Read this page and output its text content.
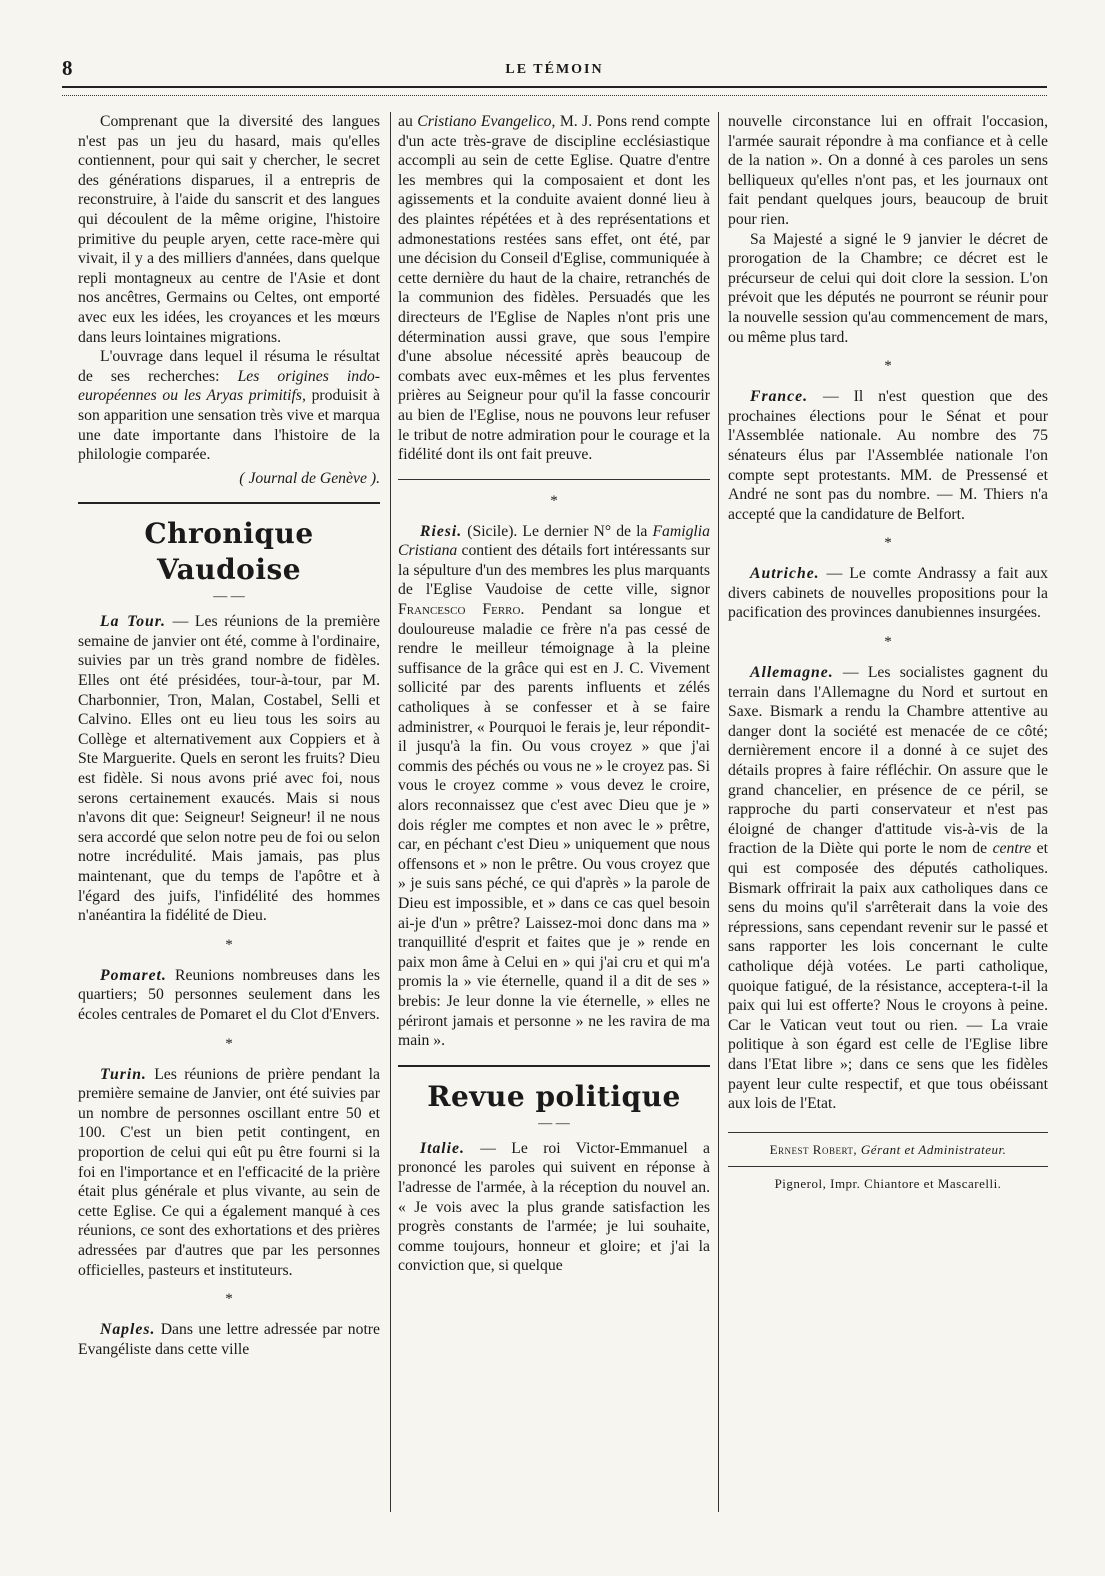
8	LE TÉMOIN

Comprenant que la diversité des langues n'est pas un jeu du hasard, mais qu'elles contiennent, pour qui sait y chercher, le secret des générations disparues, il a entrepris de reconstruire, à l'aide du sanscrit et des langues qui découlent de la même origine, l'histoire primitive du peuple aryen, cette race-mère qui vivait, il y a des milliers d'années, dans quelque repli montagneux au centre de l'Asie et dont nos ancêtres, Germains ou Celtes, ont emporté avec eux les idées, les croyances et les mœurs dans leurs lointaines migrations.

L'ouvrage dans lequel il résuma le résultat de ses recherches: Les origines indo-européennes ou les Aryas primitifs, produisit à son apparition une sensation très vive et marqua une date importante dans l'histoire de la philologie comparée.

( Journal de Genève ).
Chronique Vaudoise
— —

La Tour. — Les réunions de la première semaine de janvier ont été, comme à l'ordinaire, suivies par un très grand nombre de fidèles. Elles ont été présidées, tour-à-tour, par M. Charbonnier, Tron, Malan, Costabel, Selli et Calvino. Elles ont eu lieu tous les soirs au Collège et alternativement aux Coppiers et à Ste Marguerite. Quels en seront les fruits? Dieu est fidèle. Si nous avons prié avec foi, nous serons certainement exaucés. Mais si nous n'avons dit que: Seigneur! Seigneur! il ne nous sera accordé que selon notre peu de foi ou selon notre incrédulité. Mais jamais, pas plus maintenant, que du temps de l'apôtre et à l'égard des juifs, l'infidélité des hommes n'anéantira la fidélité de Dieu.

*

Pomaret. Reunions nombreuses dans les quartiers; 50 personnes seulement dans les écoles centrales de Pomaret el du Clot d'Envers.

*

Turin. Les réunions de prière pendant la première semaine de Janvier, ont été suivies par un nombre de personnes oscillant entre 50 et 100. C'est un bien petit contingent, en proportion de celui qui eût pu être fourni si la foi en l'importance et en l'efficacité de la prière était plus générale et plus vivante, au sein de cette Eglise. Ce qui a également manqué à ces réunions, ce sont des exhortations et des prières adressées par d'autres que par les personnes officielles, pasteurs et instituteurs.

*

Naples. Dans une lettre adressée par notre Evangéliste dans cette ville

au Cristiano Evangelico, M. J. Pons rend compte d'un acte très-grave de discipline ecclésiastique accompli au sein de cette Eglise. Quatre d'entre les membres qui la composaient et dont les agissements et la conduite avaient donné lieu à des plaintes répétées et à des représentations et admonestations restées sans effet, ont été, par une décision du Conseil d'Eglise, communiquée à cette dernière du haut de la chaire, retranchés de la communion des fidèles. Persuadés que les directeurs de l'Eglise de Naples n'ont pris une détermination aussi grave, que sous l'empire d'une absolue nécessité après beaucoup de combats avec eux-mêmes et les plus ferventes prières au Seigneur pour qu'il la fasse concourir au bien de l'Eglise, nous ne pouvons leur refuser le tribut de notre admiration pour le courage et la fidélité dont ils ont fait preuve.

*

Riesi. (Sicile). Le dernier N° de la Famiglia Cristiana contient des détails fort intéressants sur la sépulture d'un des membres les plus marquants de l'Eglise Vaudoise de cette ville, signor Francesco Ferro. Pendant sa longue et douloureuse maladie ce frère n'a pas cessé de rendre le meilleur témoignage à la pleine suffisance de la grâce qui est en J. C. Vivement sollicité par des parents influents et zélés catholiques à se confesser et à se faire administrer, « Pourquoi le ferais je, leur répondit-il jusqu'à la fin. Ou vous croyez » que j'ai commis des péchés ou vous ne » le croyez pas. Si vous le croyez comme » vous devez le croire, alors reconnaissez que c'est avec Dieu que je » dois régler me comptes et non avec le » prêtre, car, en péchant c'est Dieu » uniquement que nous offensons et » non le prêtre. Ou vous croyez que » je suis sans péché, ce qui d'après » la parole de Dieu est impossible, et » dans ce cas quel besoin ai-je d'un » prêtre? Laissez-moi donc dans ma » tranquillité d'esprit et faites que je » rende en paix mon âme à Celui en » qui j'ai cru et qui m'a promis la » vie éternelle, quand il a dit de ses » brebis: Je leur donne la vie éternelle, » elles ne périront jamais et personne » ne les ravira de ma main ».

Revue politique
— —

Italie. — Le roi Victor-Emmanuel a prononcé les paroles qui suivent en réponse à l'adresse de l'armée, à la réception du nouvel an. « Je vois avec la plus grande satisfaction les progrès constants de l'armée; je lui souhaite, comme toujours, honneur et gloire; et j'ai la conviction que, si quelque

nouvelle circonstance lui en offrait l'occasion, l'armée saurait répondre à ma confiance et à celle de la nation ». On a donné à ces paroles un sens belliqueux qu'elles n'ont pas, et les journaux ont fait pendant quelques jours, beaucoup de bruit pour rien.

Sa Majesté a signé le 9 janvier le décret de prorogation de la Chambre; ce décret est le précurseur de celui qui doit clore la session. L'on prévoit que les députés ne pourront se réunir pour la nouvelle session qu'au commencement de mars, ou même plus tard.

*

France. — Il n'est question que des prochaines élections pour le Sénat et pour l'Assemblée nationale. Au nombre des 75 sénateurs élus par l'Assemblée nationale l'on compte sept protestants. MM. de Pressensé et André ne sont pas du nombre. — M. Thiers n'a accepté que la candidature de Belfort.

*

Autriche. — Le comte Andrassy a fait aux divers cabinets de nouvelles propositions pour la pacification des provinces danubiennes insurgées.

*

Allemagne. — Les socialistes gagnent du terrain dans l'Allemagne du Nord et surtout en Saxe. Bismark a rendu la Chambre attentive au danger dont la société est menacée de ce côté; dernièrement encore il a donné à ce sujet des détails propres à faire réfléchir. On assure que le grand chancelier, en présence de ce péril, se rapproche du parti conservateur et n'est pas éloigné de changer d'attitude vis-à-vis de la fraction de la Diète qui porte le nom de centre et qui est composée des députés catholiques. Bismark offrirait la paix aux catholiques dans ce sens du moins qu'il s'arrêterait dans la voie des répressions, sans cependant revenir sur le passé et sans rapporter les lois concernant le culte catholique déjà votées. Le parti catholique, quoique fatigué, de la résistance, acceptera-t-il la paix qui lui est offerte? Nous le croyons à peine. Car le Vatican veut tout ou rien. — La vraie politique à son égard est celle de l'Eglise libre dans l'Etat libre »; dans ce sens que les fidèles payent leur culte respectif, et que tous obéissant aux lois de l'Etat.

Ernest Robert, Gérant et Administrateur.
Pignerol, Impr. Chiantore et Mascarelli.
